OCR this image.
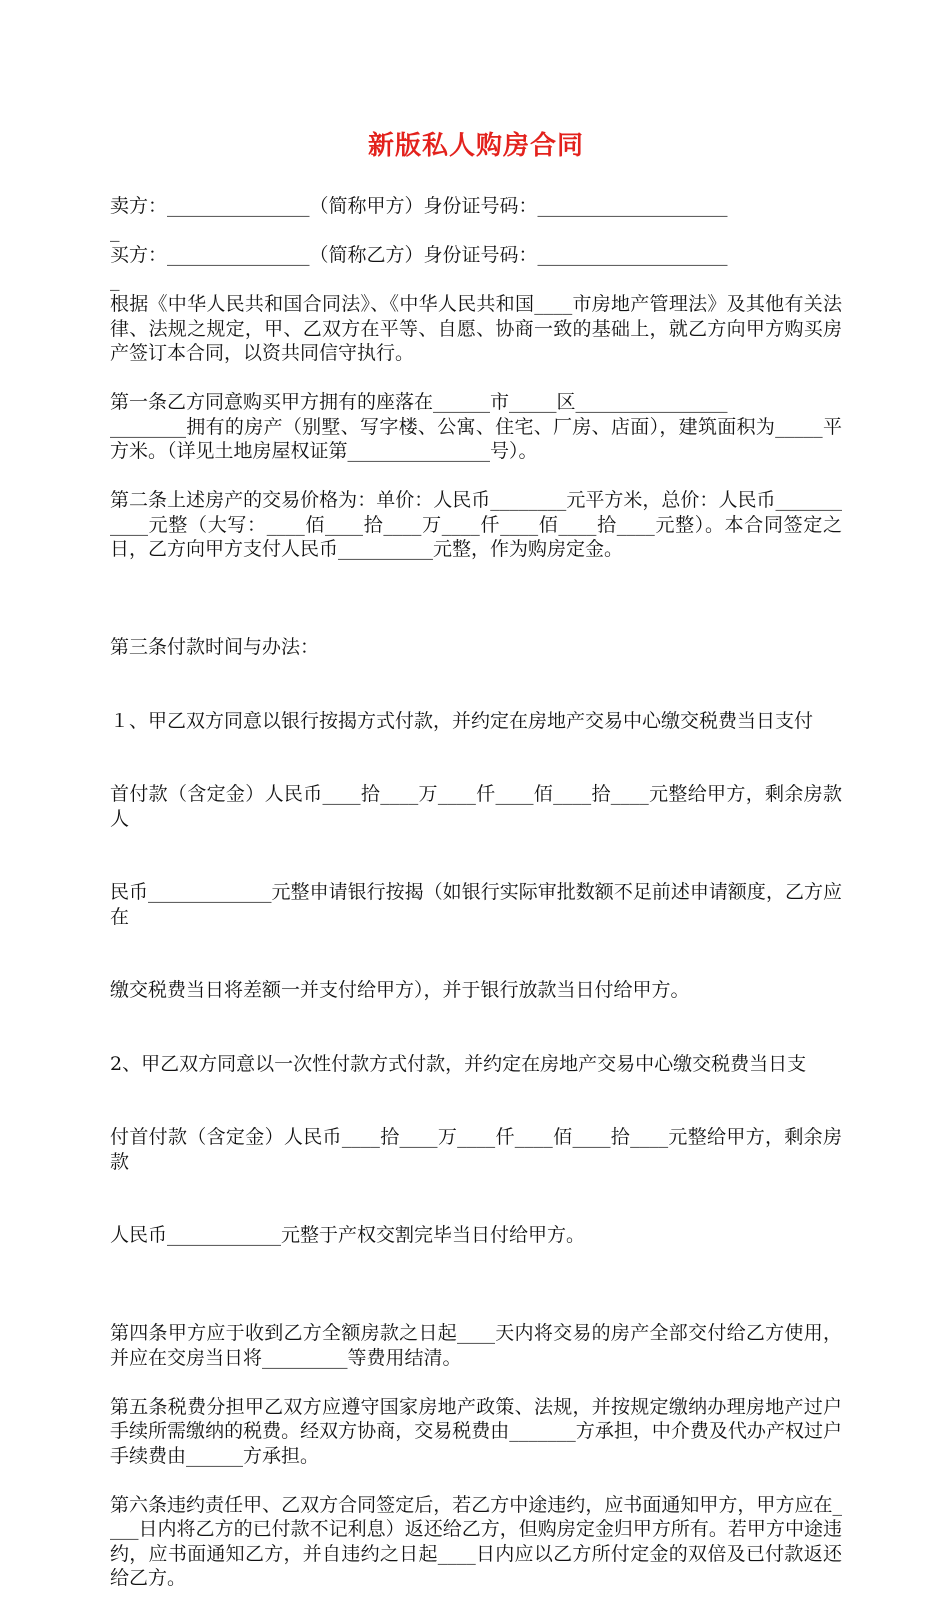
新版私人购房合同

卖方：_______________（简称甲方）身份证号码：____________________
_

买方：_______________（简称乙方）身份证号码：____________________
_

根据《中华人民共和国合同法》、《中华人民共和国____市房地产管理法》及其他有关法律、法规之规定，甲、乙双方在平等、自愿、协商一致的基础上，就乙方向甲方购买房产签订本合同，以资共同信守执行。

第一条乙方同意购买甲方拥有的座落在______市_____区________________
________拥有的房产（别墅、写字楼、公寓、住宅、厂房、店面），建筑面积为_____平方米。（详见土地房屋权证第_______________号）。

第二条上述房产的交易价格为：单价：人民币________元平方米，总价：人民币___________元整（大写：____佰____拾____万____仟____佰____拾____元整）。本合同签定之日，乙方向甲方支付人民币__________元整，作为购房定金。

第三条付款时间与办法：

１、甲乙双方同意以银行按揭方式付款，并约定在房地产交易中心缴交税费当日支付

首付款（含定金）人民币____拾____万____仟____佰____拾____元整给甲方，剩余房款人

民币_____________元整申请银行按揭（如银行实际审批数额不足前述申请额度，乙方应在

缴交税费当日将差额一并支付给甲方），并于银行放款当日付给甲方。

2、甲乙双方同意以一次性付款方式付款，并约定在房地产交易中心缴交税费当日支

付首付款（含定金）人民币____拾____万____仟____佰____拾____元整给甲方，剩余房款

人民币____________元整于产权交割完毕当日付给甲方。

第四条甲方应于收到乙方全额房款之日起____天内将交易的房产全部交付给乙方使用，并应在交房当日将_________等费用结清。

第五条税费分担甲乙双方应遵守国家房地产政策、法规，并按规定缴纳办理房地产过户手续所需缴纳的税费。经双方协商，交易税费由_______方承担，中介费及代办产权过户手续费由______方承担。

第六条违约责任甲、乙双方合同签定后，若乙方中途违约，应书面通知甲方，甲方应在____日内将乙方的已付款不记利息）返还给乙方，但购房定金归甲方所有。若甲方中途违约，应书面通知乙方，并自违约之日起____日内应以乙方所付定金的双倍及已付款返还给乙方。
